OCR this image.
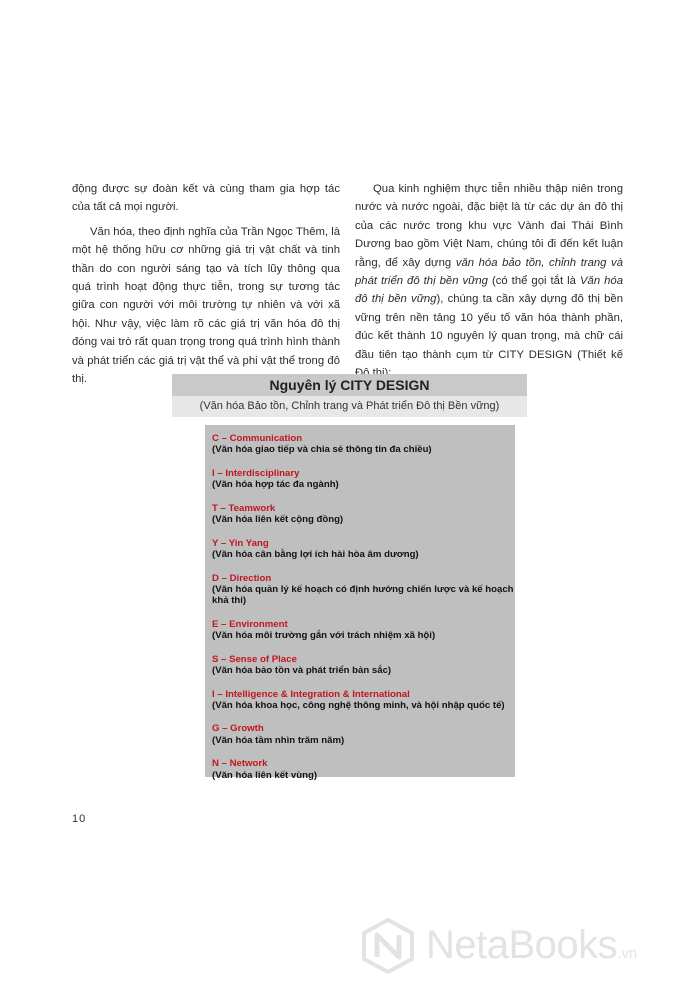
động được sự đoàn kết và cùng tham gia hợp tác của tất cả mọi người.

Văn hóa, theo định nghĩa của Trần Ngọc Thêm, là một hệ thống hữu cơ những giá trị vật chất và tinh thần do con người sáng tạo và tích lũy thông qua quá trình hoạt động thực tiễn, trong sự tương tác giữa con người với môi trường tự nhiên và với xã hội. Như vậy, việc làm rõ các giá trị văn hóa đô thị đóng vai trò rất quan trọng trong quá trình hình thành và phát triển các giá trị vật thể và phi vật thể trong đô thị.

Qua kinh nghiệm thực tiễn nhiều thập niên trong nước và nước ngoài, đặc biệt là từ các dự án đô thị của các nước trong khu vực Vành đai Thái Bình Dương bao gồm Việt Nam, chúng tôi đi đến kết luận rằng, để xây dựng văn hóa bảo tồn, chỉnh trang và phát triển đô thị bền vững (có thể gọi tắt là Văn hóa đô thị bền vững), chúng ta cần xây dựng đô thị bền vững trên nền tảng 10 yếu tố văn hóa thành phần, đúc kết thành 10 nguyên lý quan trọng, mà chữ cái đầu tiên tạo thành cụm từ CITY DESIGN (Thiết kế

Nguyên lý CITY DESIGN
(Văn hóa Bảo tồn, Chỉnh trang và Phát triển Đô thị Bền vững)
C – Communication
(Văn hóa giao tiếp và chia sẻ thông tin đa chiều)
I – Interdisciplinary
(Văn hóa hợp tác đa ngành)
T – Teamwork
(Văn hóa liên kết cộng đồng)
Y – Yin Yang
(Văn hóa cân bằng lợi ích hài hòa âm dương)
D – Direction
(Văn hóa quản lý kế hoạch có định hướng chiến lược và kế hoạch khả thi)
E – Environment
(Văn hóa môi trường gắn với trách nhiệm xã hội)
S – Sense of Place
(Văn hóa bảo tồn và phát triển bản sắc)
I – Intelligence & Integration & International
(Văn hóa khoa học, công nghệ thông minh, và hội nhập quốc tế)
G – Growth
(Văn hóa tầm nhìn trăm năm)
N – Network
(Văn hóa liên kết vùng)
10
NetaBooks.vn
